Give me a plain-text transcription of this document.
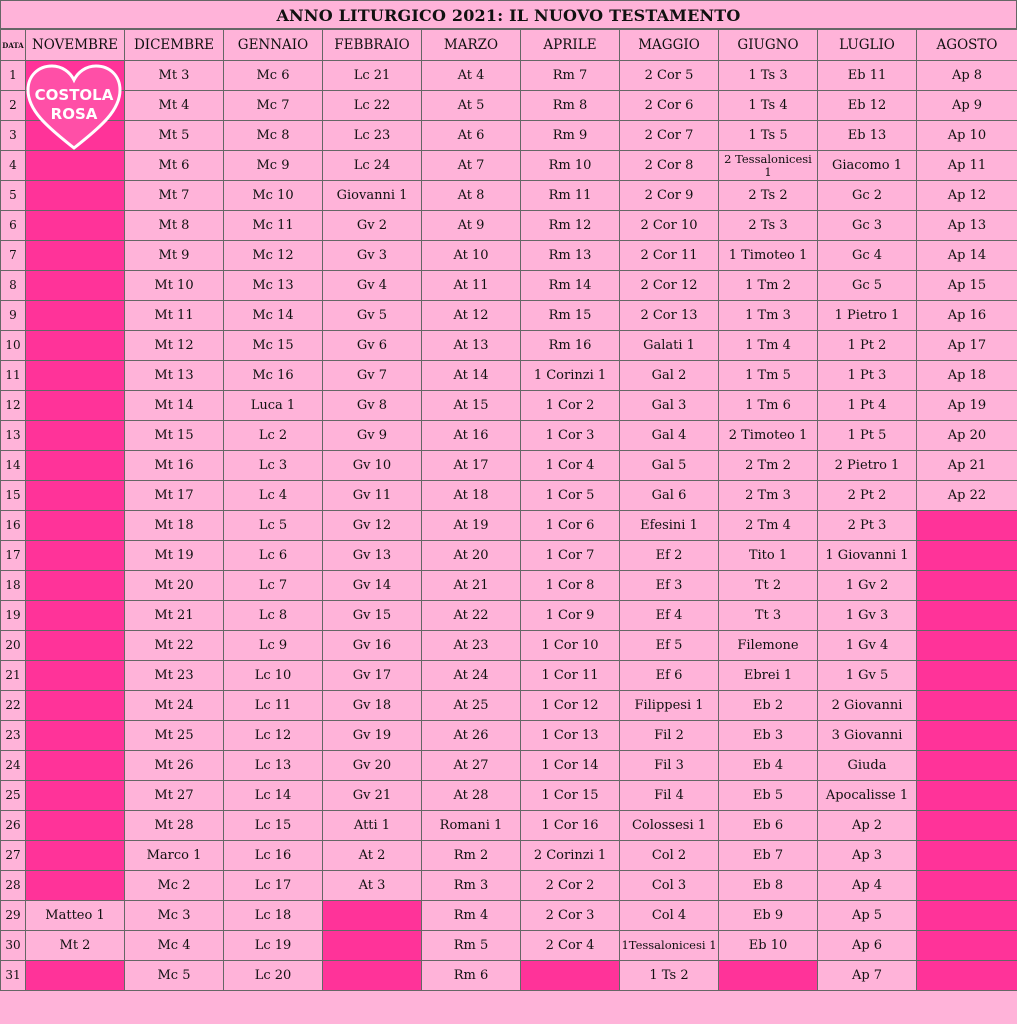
ANNO LITURGICO 2021: IL NUOVO TESTAMENTO
DATA	NOVEMBRE	DICEMBRE	GENNAIO	FEBBRAIO	MARZO	APRILE	MAGGIO	GIUGNO	LUGLIO	AGOSTO
1		Mt 3	Mc 6	Lc 21	At 4	Rm 7	2 Cor 5	1 Ts 3	Eb 11	Ap 8
2		Mt 4	Mc 7	Lc 22	At 5	Rm 8	2 Cor 6	1 Ts 4	Eb 12	Ap 9
3		Mt 5	Mc 8	Lc 23	At 6	Rm 9	2 Cor 7	1 Ts 5	Eb 13	Ap 10
4		Mt 6	Mc 9	Lc 24	At 7	Rm 10	2 Cor 8	2 Tessalonicesi 1	Giacomo 1	Ap 11
5		Mt 7	Mc 10	Giovanni 1	At 8	Rm 11	2 Cor 9	2 Ts 2	Gc 2	Ap 12
6		Mt 8	Mc 11	Gv 2	At 9	Rm 12	2 Cor 10	2 Ts 3	Gc 3	Ap 13
7		Mt 9	Mc 12	Gv 3	At 10	Rm 13	2 Cor 11	1 Timoteo 1	Gc 4	Ap 14
8		Mt 10	Mc 13	Gv 4	At 11	Rm 14	2 Cor 12	1 Tm 2	Gc 5	Ap 15
9		Mt 11	Mc 14	Gv 5	At 12	Rm 15	2 Cor 13	1 Tm 3	1 Pietro 1	Ap 16
10		Mt 12	Mc 15	Gv 6	At 13	Rm 16	Galati 1	1 Tm 4	1 Pt 2	Ap 17
11		Mt 13	Mc 16	Gv 7	At 14	1 Corinzi 1	Gal 2	1 Tm 5	1 Pt 3	Ap 18
12		Mt 14	Luca 1	Gv 8	At 15	1 Cor 2	Gal 3	1 Tm 6	1 Pt 4	Ap 19
13		Mt 15	Lc 2	Gv 9	At 16	1 Cor 3	Gal 4	2 Timoteo 1	1 Pt 5	Ap 20
14		Mt 16	Lc 3	Gv 10	At 17	1 Cor 4	Gal 5	2 Tm 2	2 Pietro 1	Ap 21
15		Mt 17	Lc 4	Gv 11	At 18	1 Cor 5	Gal 6	2 Tm 3	2 Pt 2	Ap 22
16		Mt 18	Lc 5	Gv 12	At 19	1 Cor 6	Efesini 1	2 Tm 4	2 Pt 3	
17		Mt 19	Lc 6	Gv 13	At 20	1 Cor 7	Ef 2	Tito 1	1 Giovanni 1	
18		Mt 20	Lc 7	Gv 14	At 21	1 Cor 8	Ef 3	Tt 2	1 Gv 2	
19		Mt 21	Lc 8	Gv 15	At 22	1 Cor 9	Ef 4	Tt 3	1 Gv 3	
20		Mt 22	Lc 9	Gv 16	At 23	1 Cor 10	Ef 5	Filemone	1 Gv 4	
21		Mt 23	Lc 10	Gv 17	At 24	1 Cor 11	Ef 6	Ebrei 1	1 Gv 5	
22		Mt 24	Lc 11	Gv 18	At 25	1 Cor 12	Filippesi 1	Eb 2	2 Giovanni	
23		Mt 25	Lc 12	Gv 19	At 26	1 Cor 13	Fil 2	Eb 3	3 Giovanni	
24		Mt 26	Lc 13	Gv 20	At 27	1 Cor 14	Fil 3	Eb 4	Giuda	
25		Mt 27	Lc 14	Gv 21	At 28	1 Cor 15	Fil 4	Eb 5	Apocalisse 1	
26		Mt 28	Lc 15	Atti 1	Romani 1	1 Cor 16	Colossesi 1	Eb 6	Ap 2	
27		Marco 1	Lc 16	At 2	Rm 2	2 Corinzi 1	Col 2	Eb 7	Ap 3	
28		Mc 2	Lc 17	At 3	Rm 3	2 Cor 2	Col 3	Eb 8	Ap 4	
29	Matteo 1	Mc 3	Lc 18		Rm 4	2 Cor 3	Col 4	Eb 9	Ap 5	
30	Mt 2	Mc 4	Lc 19		Rm 5	2 Cor 4	1Tessalonicesi 1	Eb 10	Ap 6	
31		Mc 5	Lc 20		Rm 6		1 Ts 2		Ap 7	
COSTOLA
ROSA
